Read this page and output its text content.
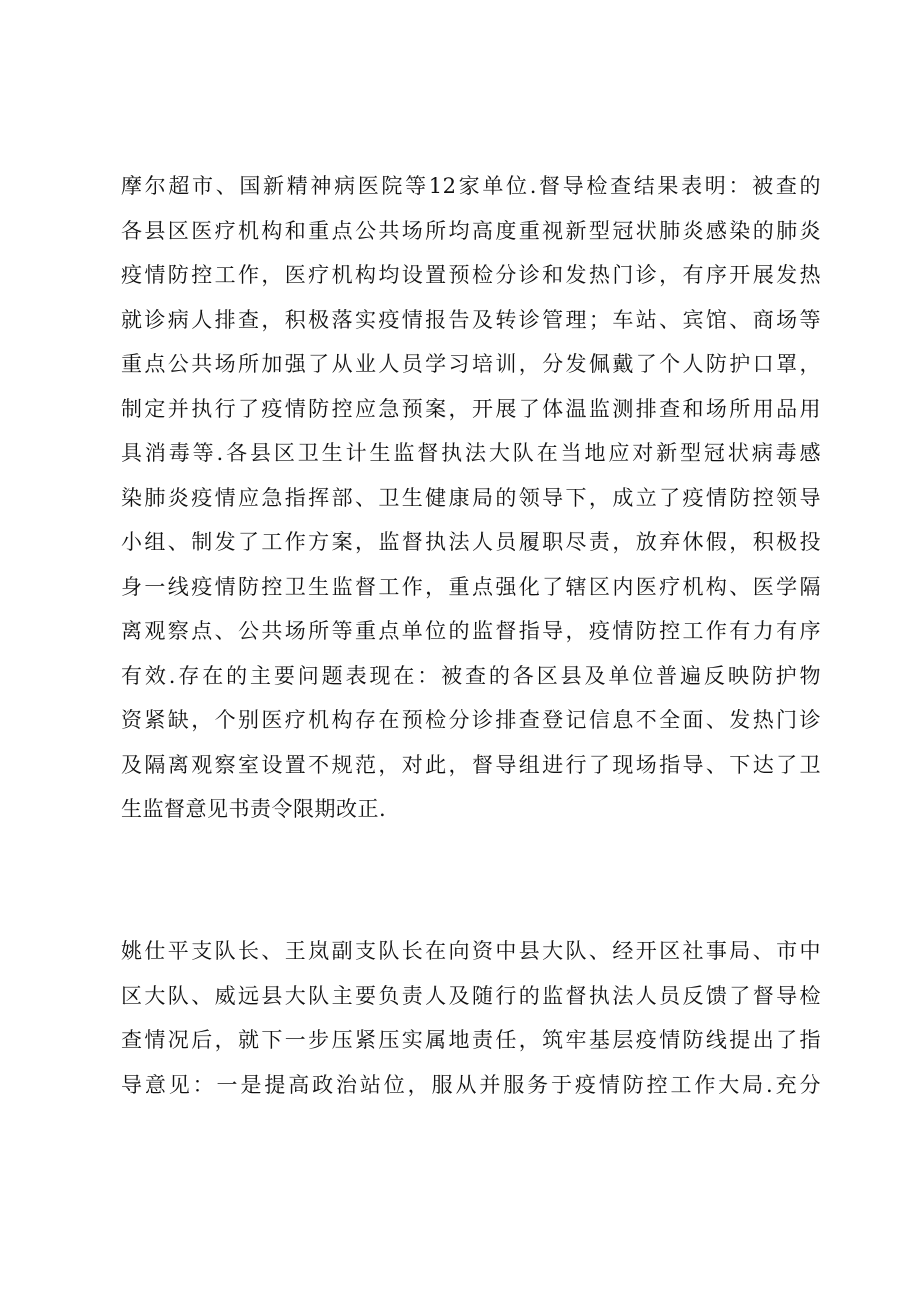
摩尔超市、国新精神病医院等12家单位.督导检查结果表明：被查的
各县区医疗机构和重点公共场所均高度重视新型冠状肺炎感染的肺炎
疫情防控工作，医疗机构均设置预检分诊和发热门诊，有序开展发热
就诊病人排查，积极落实疫情报告及转诊管理；车站、宾馆、商场等
重点公共场所加强了从业人员学习培训，分发佩戴了个人防护口罩，
制定并执行了疫情防控应急预案，开展了体温监测排查和场所用品用
具消毒等.各县区卫生计生监督执法大队在当地应对新型冠状病毒感
染肺炎疫情应急指挥部、卫生健康局的领导下，成立了疫情防控领导
小组、制发了工作方案，监督执法人员履职尽责，放弃休假，积极投
身一线疫情防控卫生监督工作，重点强化了辖区内医疗机构、医学隔
离观察点、公共场所等重点单位的监督指导，疫情防控工作有力有序
有效.存在的主要问题表现在：被查的各区县及单位普遍反映防护物
资紧缺，个别医疗机构存在预检分诊排查登记信息不全面、发热门诊
及隔离观察室设置不规范，对此，督导组进行了现场指导、下达了卫
生监督意见书责令限期改正.
姚仕平支队长、王岚副支队长在向资中县大队、经开区社事局、市中
区大队、威远县大队主要负责人及随行的监督执法人员反馈了督导检
查情况后，就下一步压紧压实属地责任，筑牢基层疫情防线提出了指
导意见：一是提高政治站位，服从并服务于疫情防控工作大局.充分
